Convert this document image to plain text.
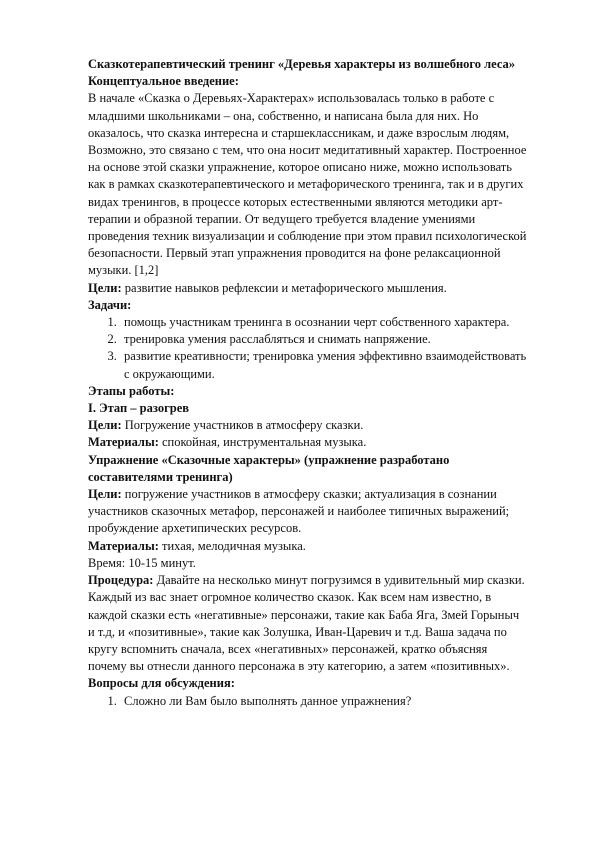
Сказкотерапевтический тренинг «Деревья характеры из волшебного леса»

Концептуальное введение:

В начале «Сказка о Деревьях-Характерах» использовалась только в работе с младшими школьниками – она, собственно, и написана была для них. Но оказалось, что сказка интересна и старшеклассникам, и даже взрослым людям, Возможно, это связано с тем, что она носит медитативный характер. Построенное на основе этой сказки упражнение, которое описано ниже, можно использовать как в рамках сказкотерапевтического и метафорического тренинга, так и в других видах тренингов, в процессе которых естественными являются методики арт-терапии и образной терапии. От ведущего требуется владение умениями проведения техник визуализации и соблюдение при этом правил психологической безопасности. Первый этап упражнения проводится на фоне релаксационной музыки. [1,2]

Цели: развитие навыков рефлексии и метафорического мышления.

Задачи:

1. помощь участникам тренинга в осознании черт собственного характера.
2. тренировка умения расслабляться и снимать напряжение.
3. развитие креативности; тренировка умения эффективно взаимодействовать с окружающими.

Этапы работы:

I. Этап – разогрев

Цели: Погружение участников в атмосферу сказки.

Материалы: спокойная, инструментальная музыка.

Упражнение «Сказочные характеры» (упражнение разработано составителями тренинга)

Цели: погружение участников в атмосферу сказки; актуализация в сознании участников сказочных метафор, персонажей и наиболее типичных выражений; пробуждение архетипических ресурсов.

Материалы: тихая, мелодичная музыка.

Время: 10-15 минут.

Процедура: Давайте на несколько минут погрузимся в удивительный мир сказки. Каждый из вас знает огромное количество сказок. Как всем нам известно, в каждой сказки есть «негативные» персонажи, такие как Баба Яга, Змей Горыныч и т.д, и «позитивные», такие как Золушка, Иван-Царевич и т.д. Ваша задача по кругу вспомнить сначала, всех «негативных» персонажей, кратко объясняя почему вы отнесли данного персонажа в эту категорию, а затем «позитивных».

Вопросы для обсуждения:

1. Сложно ли Вам было выполнять данное упражнения?
